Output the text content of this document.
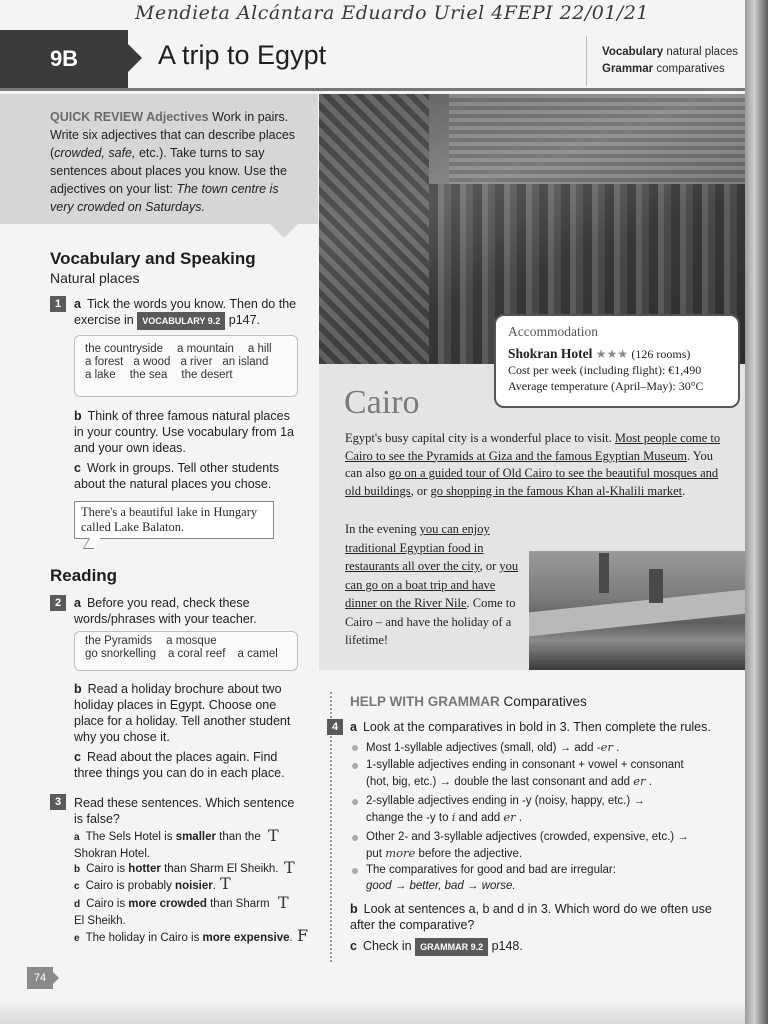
Mendieta Alcántara Eduardo Uriel 4FEPI 22/01/21
9B	A trip to Egypt	Vocabulary natural places
Grammar comparatives
QUICK REVIEW Adjectives Work in pairs. Write six adjectives that can describe places (crowded, safe, etc.). Take turns to say sentences about places you know. Use the adjectives on your list: The town centre is very crowded on Saturdays.
Vocabulary and Speaking
Natural places
1	a Tick the words you know. Then do the exercise in VOCABULARY 9.2 p147.
the countryside a mountain a hill
a forest a wood a river an island
a lake the sea the desert
b Think of three famous natural places in your country. Use vocabulary from 1a and your own ideas.
c Work in groups. Tell other students about the natural places you chose.
There's a beautiful lake in Hungary called Lake Balaton.
Reading
2	a Before you read, check these words/phrases with your teacher.
the Pyramids a mosque
go snorkelling a coral reef a camel
b Read a holiday brochure about two holiday places in Egypt. Choose one place for a holiday. Tell another student why you chose it.
c Read about the places again. Find three things you can do in each place.
3	Read these sentences. Which sentence is false?
a The Sels Hotel is smaller than the Shokran Hotel.
T
b Cairo is hotter than Sharm El Sheikh. T
c Cairo is probably noisier. T
d Cairo is more crowded than Sharm El Sheikh.
T
e The holiday in Cairo is more expensive. F
Accommodation
Shokran Hotel ★★★ (126 rooms)
Cost per week (including flight): €1,490
Average temperature (April–May): 30°C
Cairo
Egypt's busy capital city is a wonderful place to visit. Most people come to Cairo to see the Pyramids at Giza and the famous Egyptian Museum. You can also go on a guided tour of Old Cairo to see the beautiful mosques and old buildings, or go shopping in the famous Khan al-Khalili market.
In the evening you can enjoy traditional Egyptian food in restaurants all over the city, or you can go on a boat trip and have dinner on the River Nile. Come to Cairo – and have the holiday of a lifetime!
HELP WITH GRAMMAR Comparatives
4 a Look at the comparatives in bold in 3. Then complete the rules.
Most 1-syllable adjectives (small, old) → add -er .
1-syllable adjectives ending in consonant + vowel + consonant
(hot, big, etc.) → double the last consonant and add er .
2-syllable adjectives ending in -y (noisy, happy, etc.) →
change the -y to i and add er .
Other 2- and 3-syllable adjectives (crowded, expensive, etc.) →
put more before the adjective.
The comparatives for good and bad are irregular:
good → better, bad → worse.
b Look at sentences a, b and d in 3. Which word do we often use after the comparative?
c Check in GRAMMAR 9.2 p148.
74
